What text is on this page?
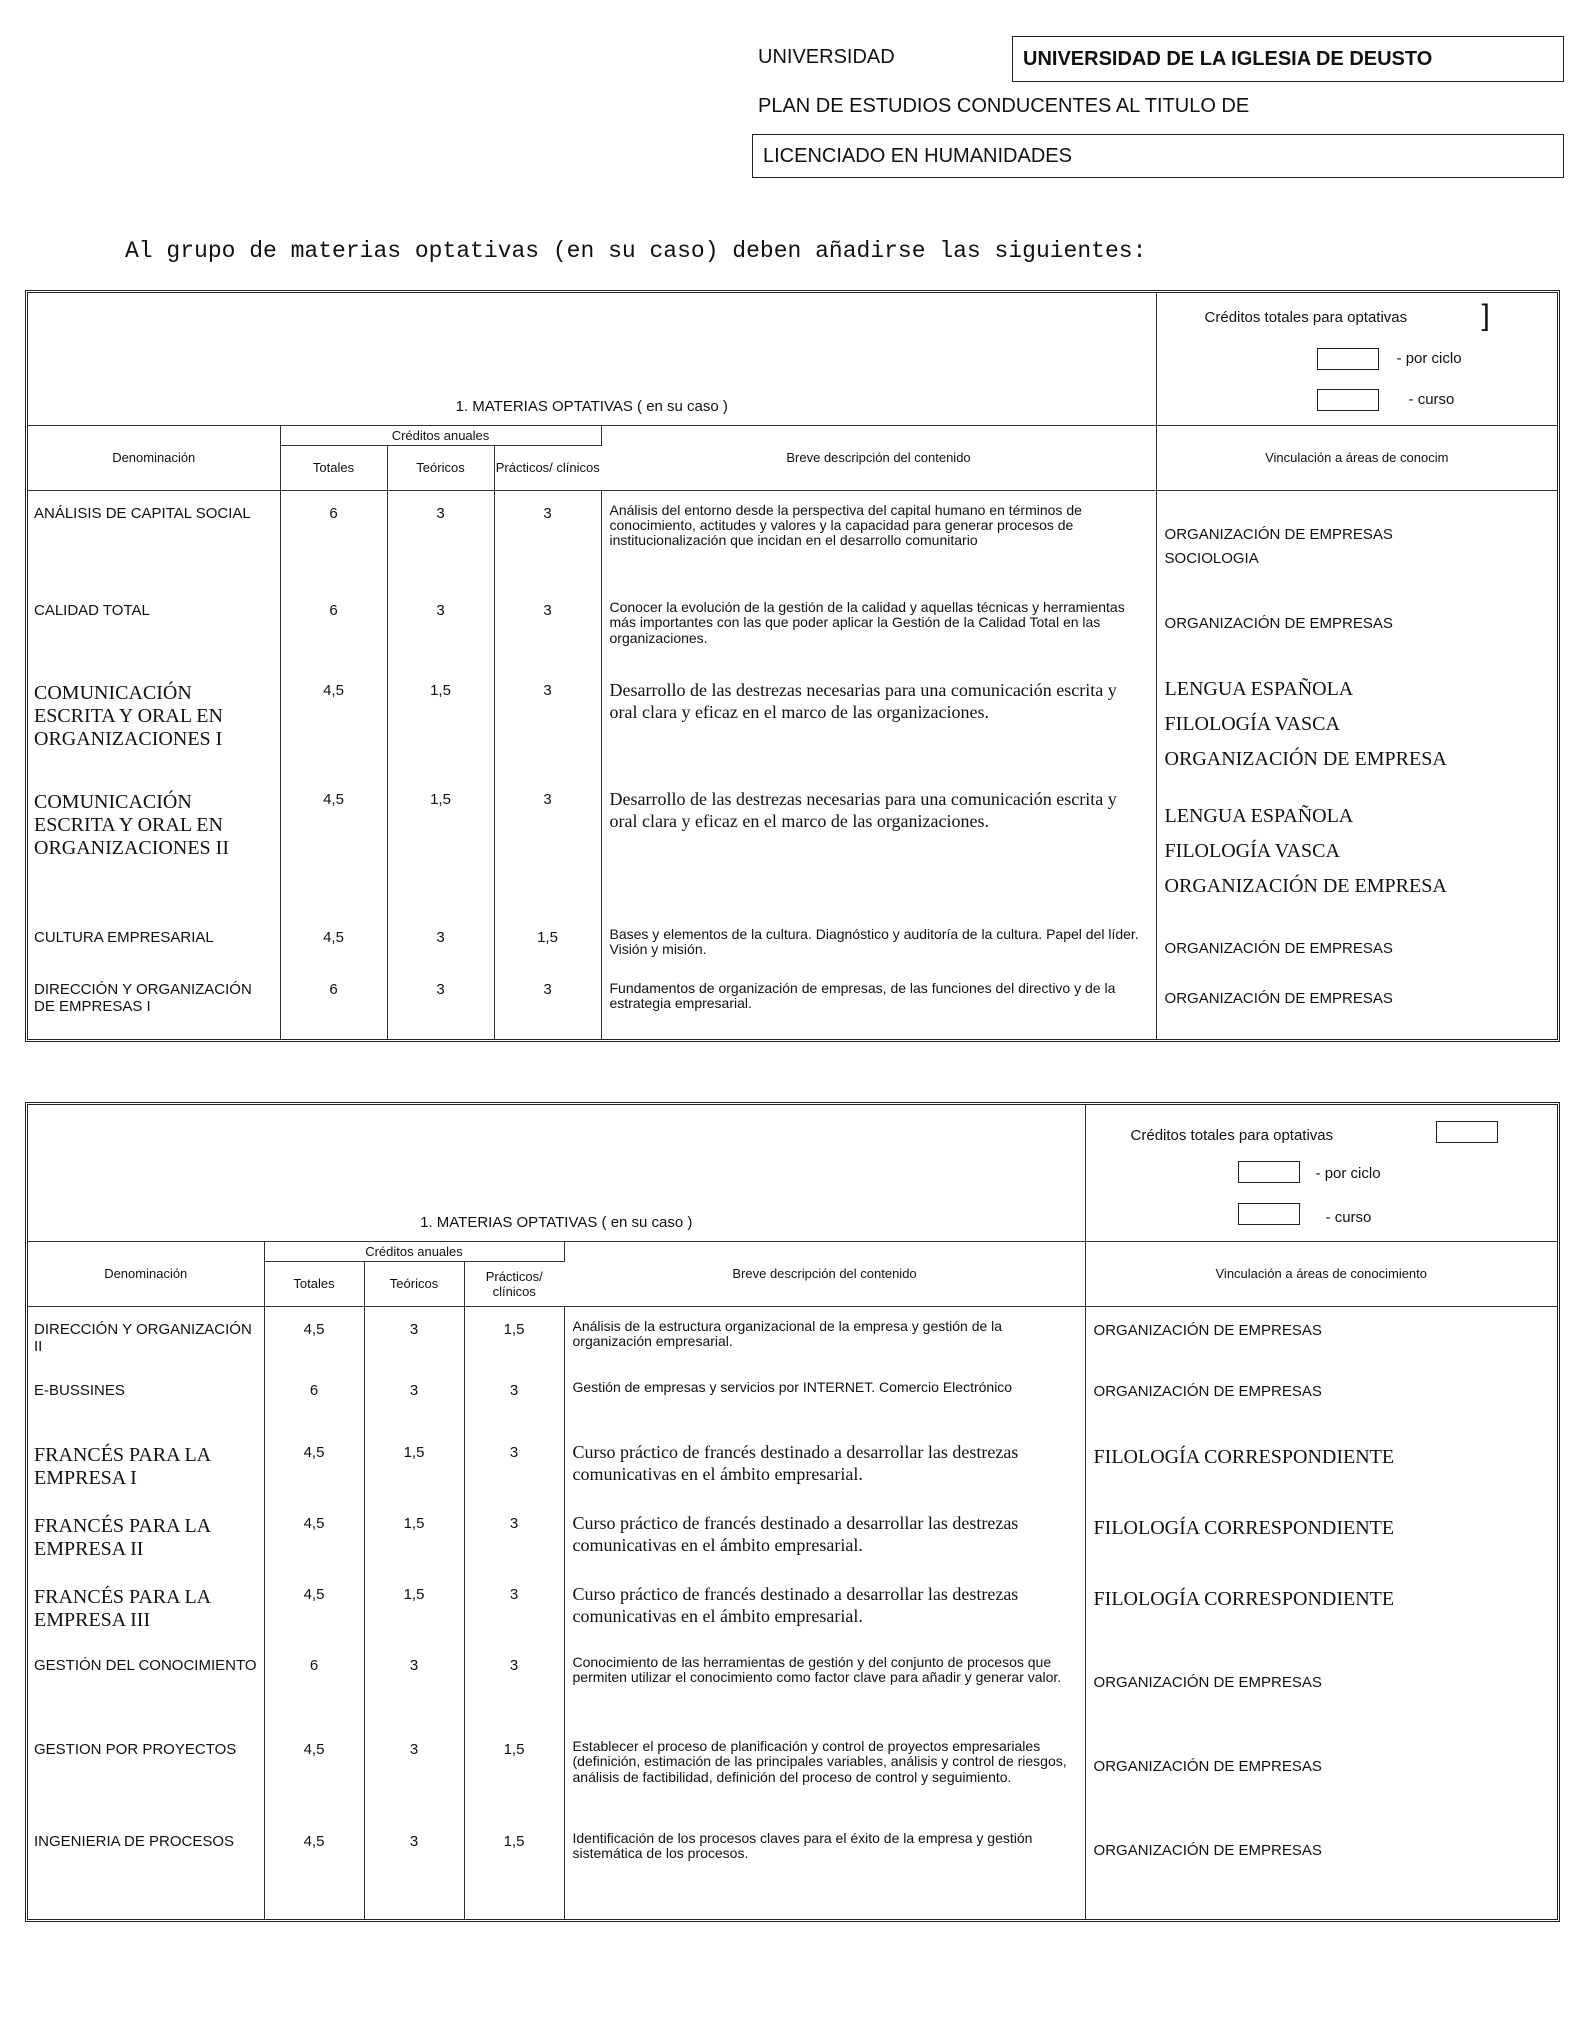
UNIVERSIDAD	UNIVERSIDAD DE LA IGLESIA DE DEUSTO
PLAN DE ESTUDIOS CONDUCENTES AL TITULO DE
LICENCIADO EN HUMANIDADES
Al grupo de materias optativas (en su caso) deben añadirse las siguientes:
1. MATERIAS OPTATIVAS ( en su caso )					Créditos totales para optativas ]
- por ciclo
- curso

Denominación	Créditos anuales			Breve descripción del contenido	Vinculación a áreas de conocim
	Totales	Teóricos	Prácticos/ clínicos		
ANÁLISIS DE CAPITAL SOCIAL	6	3	3	Análisis del entorno desde la perspectiva del capital humano en términos de conocimiento, actitudes y valores y la capacidad para generar procesos de institucionalización que incidan en el desarrollo comunitario	ORGANIZACIÓN DE EMPRESAS
SOCIOLOGIA

CALIDAD TOTAL	6	3	3	Conocer la evolución de la gestión de la calidad y aquellas técnicas y herramientas más importantes con las que poder aplicar la Gestión de la Calidad Total en las organizaciones.	ORGANIZACIÓN DE EMPRESAS

COMUNICACIÓN ESCRITA Y ORAL EN ORGANIZACIONES I	4,5	1,5	3	Desarrollo de las destrezas necesarias para una comunicación escrita y oral clara y eficaz en el marco de las organizaciones.	LENGUA ESPAÑOLA
FILOLOGÍA VASCA
ORGANIZACIÓN DE EMPRESA

COMUNICACIÓN ESCRITA Y ORAL EN ORGANIZACIONES II	4,5	1,5	3	Desarrollo de las destrezas necesarias para una comunicación escrita y oral clara y eficaz en el marco de las organizaciones.	LENGUA ESPAÑOLA
FILOLOGÍA VASCA
ORGANIZACIÓN DE EMPRESA

CULTURA EMPRESARIAL	4,5	3	1,5	Bases y elementos de la cultura. Diagnóstico y auditoría de la cultura. Papel del líder. Visión y misión.	ORGANIZACIÓN DE EMPRESAS

DIRECCIÓN Y ORGANIZACIÓN DE EMPRESAS I	6	3	3	Fundamentos de organización de empresas, de las funciones del directivo y de la estrategia empresarial.	ORGANIZACIÓN DE EMPRESAS
1. MATERIAS OPTATIVAS ( en su caso )					Créditos totales para optativas
- por ciclo
- curso

Denominación	Créditos anuales			Breve descripción del contenido	Vinculación a áreas de conocimiento
	Totales	Teóricos	Prácticos/ clínicos		
DIRECCIÓN Y ORGANIZACIÓN II	4,5	3	1,5	Análisis de la estructura organizacional de la empresa y gestión de la organización empresarial.	ORGANIZACIÓN DE EMPRESAS

E-BUSSINES	6	3	3	Gestión de empresas y servicios por INTERNET. Comercio Electrónico	ORGANIZACIÓN DE EMPRESAS

FRANCÉS PARA LA EMPRESA I	4,5	1,5	3	Curso práctico de francés destinado a desarrollar las destrezas comunicativas en el ámbito empresarial.	FILOLOGÍA CORRESPONDIENTE

FRANCÉS PARA LA EMPRESA II	4,5	1,5	3	Curso práctico de francés destinado a desarrollar las destrezas comunicativas en el ámbito empresarial.	FILOLOGÍA CORRESPONDIENTE

FRANCÉS PARA LA EMPRESA III	4,5	1,5	3	Curso práctico de francés destinado a desarrollar las destrezas comunicativas en el ámbito empresarial.	FILOLOGÍA CORRESPONDIENTE

GESTIÓN DEL CONOCIMIENTO	6	3	3	Conocimiento de las herramientas de gestión y del conjunto de procesos que permiten utilizar el conocimiento como factor clave para añadir y generar valor.	ORGANIZACIÓN DE EMPRESAS

GESTION POR PROYECTOS	4,5	3	1,5	Establecer el proceso de planificación y control de proyectos empresariales (definición, estimación de las principales variables, análisis y control de riesgos, análisis de factibilidad, definición del proceso de control y seguimiento.	ORGANIZACIÓN DE EMPRESAS

INGENIERIA DE PROCESOS	4,5	3	1,5	Identificación de los procesos claves para el éxito de la empresa y gestión sistemática de los procesos.	ORGANIZACIÓN DE EMPRESAS
